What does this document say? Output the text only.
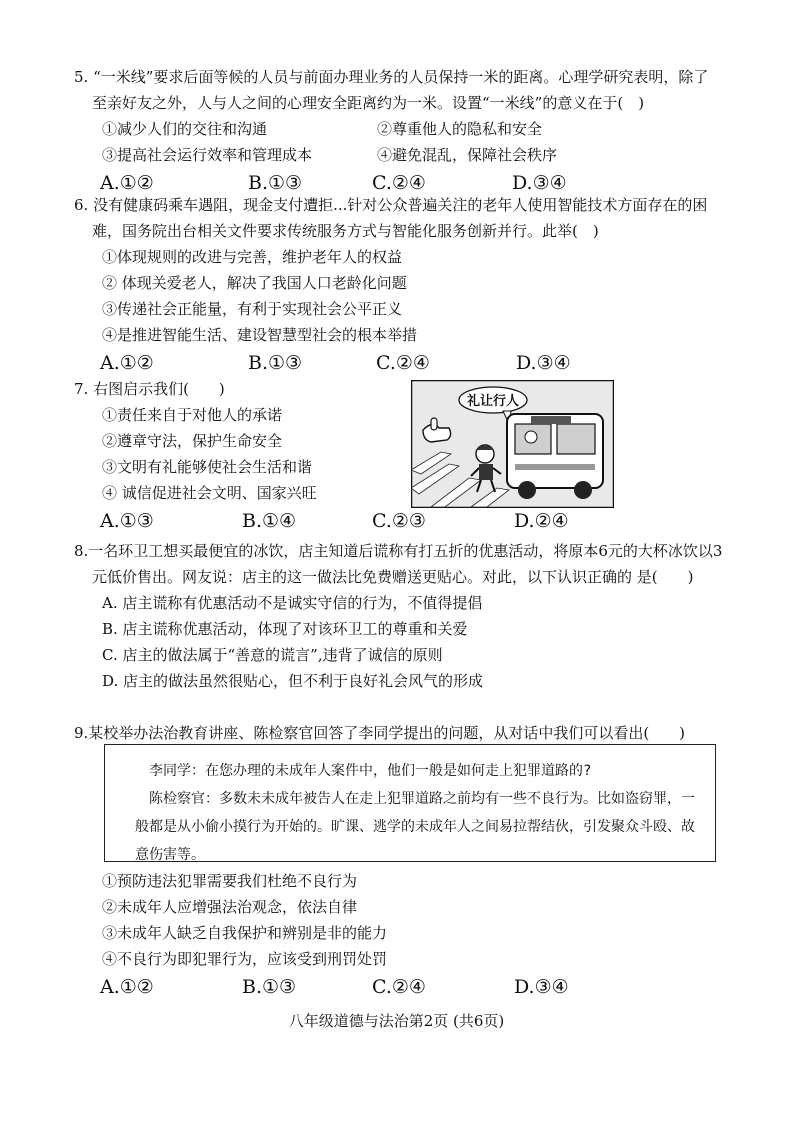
5. “一米线”要求后面等候的人员与前面办理业务的人员保持一米的距离。心理学研究表明，除了至亲好友之外，人与人之间的心理安全距离约为一米。设置“一米线”的意义在于(　)
①减少人们的交往和沟通	②尊重他人的隐私和安全
③提高社会运行效率和管理成本	④避免混乱，保障社会秩序
A.①②	B.①③	C.②④	D.③④
6. 没有健康码乘车遇阻，现金支付遭拒...针对公众普遍关注的老年人使用智能技术方面存在的困难，国务院出台相关文件要求传统服务方式与智能化服务创新并行。此举(　)
①体现规则的改进与完善，维护老年人的权益
② 体现关爱老人，解决了我国人口老龄化问题
③传递社会正能量，有利于实现社会公平正义
④是推进智能生活、建设智慧型社会的根本举措
A.①②	B.①③	C.②④	D.③④
7. 右图启示我们(　　)
①责任来自于对他人的承诺
②遵章守法，保护生命安全
③文明有礼能够使社会生活和谐
④ 诚信促进社会文明、国家兴旺
A.①③	B.①④	C.②③	D.②④
礼让行人
8.一名环卫工想买最便宜的冰饮，店主知道后谎称有打五折的优惠活动，将原本6元的大杯冰饮以3元低价售出。网友说：店主的这一做法比免费赠送更贴心。对此，以下认识正确的 是(　　)
A. 店主谎称有优惠活动不是诚实守信的行为，不值得提倡
B. 店主谎称优惠活动，体现了对该环卫工的尊重和关爱
C. 店主的做法属于“善意的谎言”,违背了诚信的原则
D. 店主的做法虽然很贴心，但不利于良好礼会风气的形成
9.某校举办法治教育讲座、陈检察官回答了李同学提出的问题，从对话中我们可以看出(　　)

李同学：在您办理的未成年人案件中，他们一般是如何走上犯罪道路的?

陈检察官：多数未未成年被告人在走上犯罪道路之前均有一些不良行为。比如盗窃罪，一般都是从小偷小摸行为开始的。旷课、逃学的未成年人之间易拉帮结伙，引发聚众斗殴、故意伤害等。

①预防违法犯罪需要我们杜绝不良行为
②未成年人应增强法治观念，依法自律
③未成年人缺乏自我保护和辨别是非的能力
④不良行为即犯罪行为，应该受到刑罚处罚
A.①②	B.①③	C.②④	D.③④
八年级道德与法治第2页 (共6页)
